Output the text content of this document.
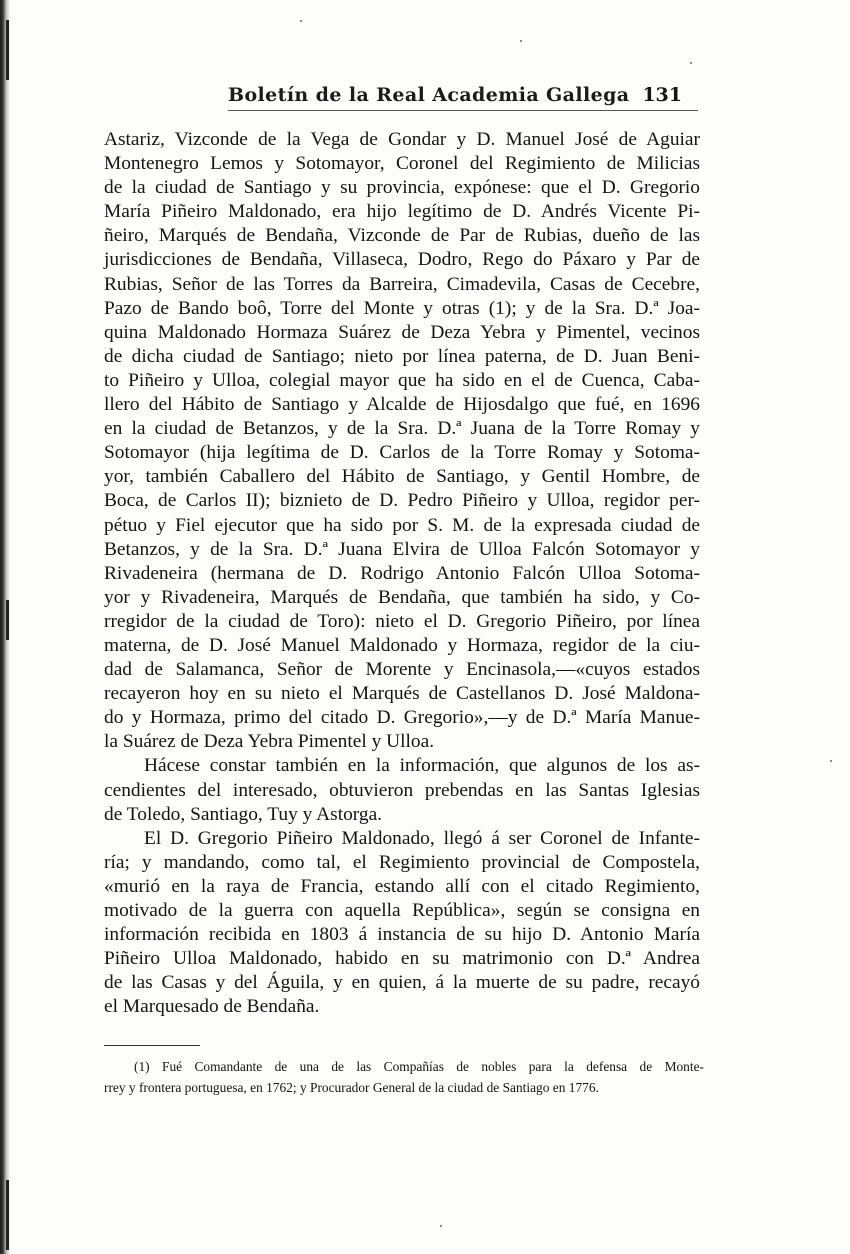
Boletín de la Real Academia Gallega 131
Astariz, Vizconde de la Vega de Gondar y D. Manuel José de Aguiar
Montenegro Lemos y Sotomayor, Coronel del Regimiento de Milicias
de la ciudad de Santiago y su provincia, expónese: que el D. Gregorio
María Piñeiro Maldonado, era hijo legítimo de D. Andrés Vicente Pi-
ñeiro, Marqués de Bendaña, Vizconde de Par de Rubias, dueño de las
jurisdicciones de Bendaña, Villaseca, Dodro, Rego do Páxaro y Par de
Rubias, Señor de las Torres da Barreira, Cimadevila, Casas de Cecebre,
Pazo de Bando boô, Torre del Monte y otras (1); y de la Sra. D.ª Joa-
quina Maldonado Hormaza Suárez de Deza Yebra y Pimentel, vecinos
de dicha ciudad de Santiago; nieto por línea paterna, de D. Juan Beni-
to Piñeiro y Ulloa, colegial mayor que ha sido en el de Cuenca, Caba-
llero del Hábito de Santiago y Alcalde de Hijosdalgo que fué, en 1696
en la ciudad de Betanzos, y de la Sra. D.ª Juana de la Torre Romay y
Sotomayor (hija legítima de D. Carlos de la Torre Romay y Sotoma-
yor, también Caballero del Hábito de Santiago, y Gentil Hombre, de
Boca, de Carlos II); biznieto de D. Pedro Piñeiro y Ulloa, regidor per-
pétuo y Fiel ejecutor que ha sido por S. M. de la expresada ciudad de
Betanzos, y de la Sra. D.ª Juana Elvira de Ulloa Falcón Sotomayor y
Rivadeneira (hermana de D. Rodrigo Antonio Falcón Ulloa Sotoma-
yor y Rivadeneira, Marqués de Bendaña, que también ha sido, y Co-
rregidor de la ciudad de Toro): nieto el D. Gregorio Piñeiro, por línea
materna, de D. José Manuel Maldonado y Hormaza, regidor de la ciu-
dad de Salamanca, Señor de Morente y Encinasola,—«cuyos estados
recayeron hoy en su nieto el Marqués de Castellanos D. José Maldona-
do y Hormaza, primo del citado D. Gregorio»,—y de D.ª María Manue-
la Suárez de Deza Yebra Pimentel y Ulloa.
Hácese constar también en la información, que algunos de los as-
cendientes del interesado, obtuvieron prebendas en las Santas Iglesias
de Toledo, Santiago, Tuy y Astorga.
El D. Gregorio Piñeiro Maldonado, llegó á ser Coronel de Infante-
ría; y mandando, como tal, el Regimiento provincial de Compostela,
«murió en la raya de Francia, estando allí con el citado Regimiento,
motivado de la guerra con aquella República», según se consigna en
información recibida en 1803 á instancia de su hijo D. Antonio María
Piñeiro Ulloa Maldonado, habido en su matrimonio con D.ª Andrea
de las Casas y del Águila, y en quien, á la muerte de su padre, recayó
el Marquesado de Bendaña.
(1) Fué Comandante de una de las Compañías de nobles para la defensa de Monte-
rrey y frontera portuguesa, en 1762; y Procurador General de la ciudad de Santiago en 1776.
